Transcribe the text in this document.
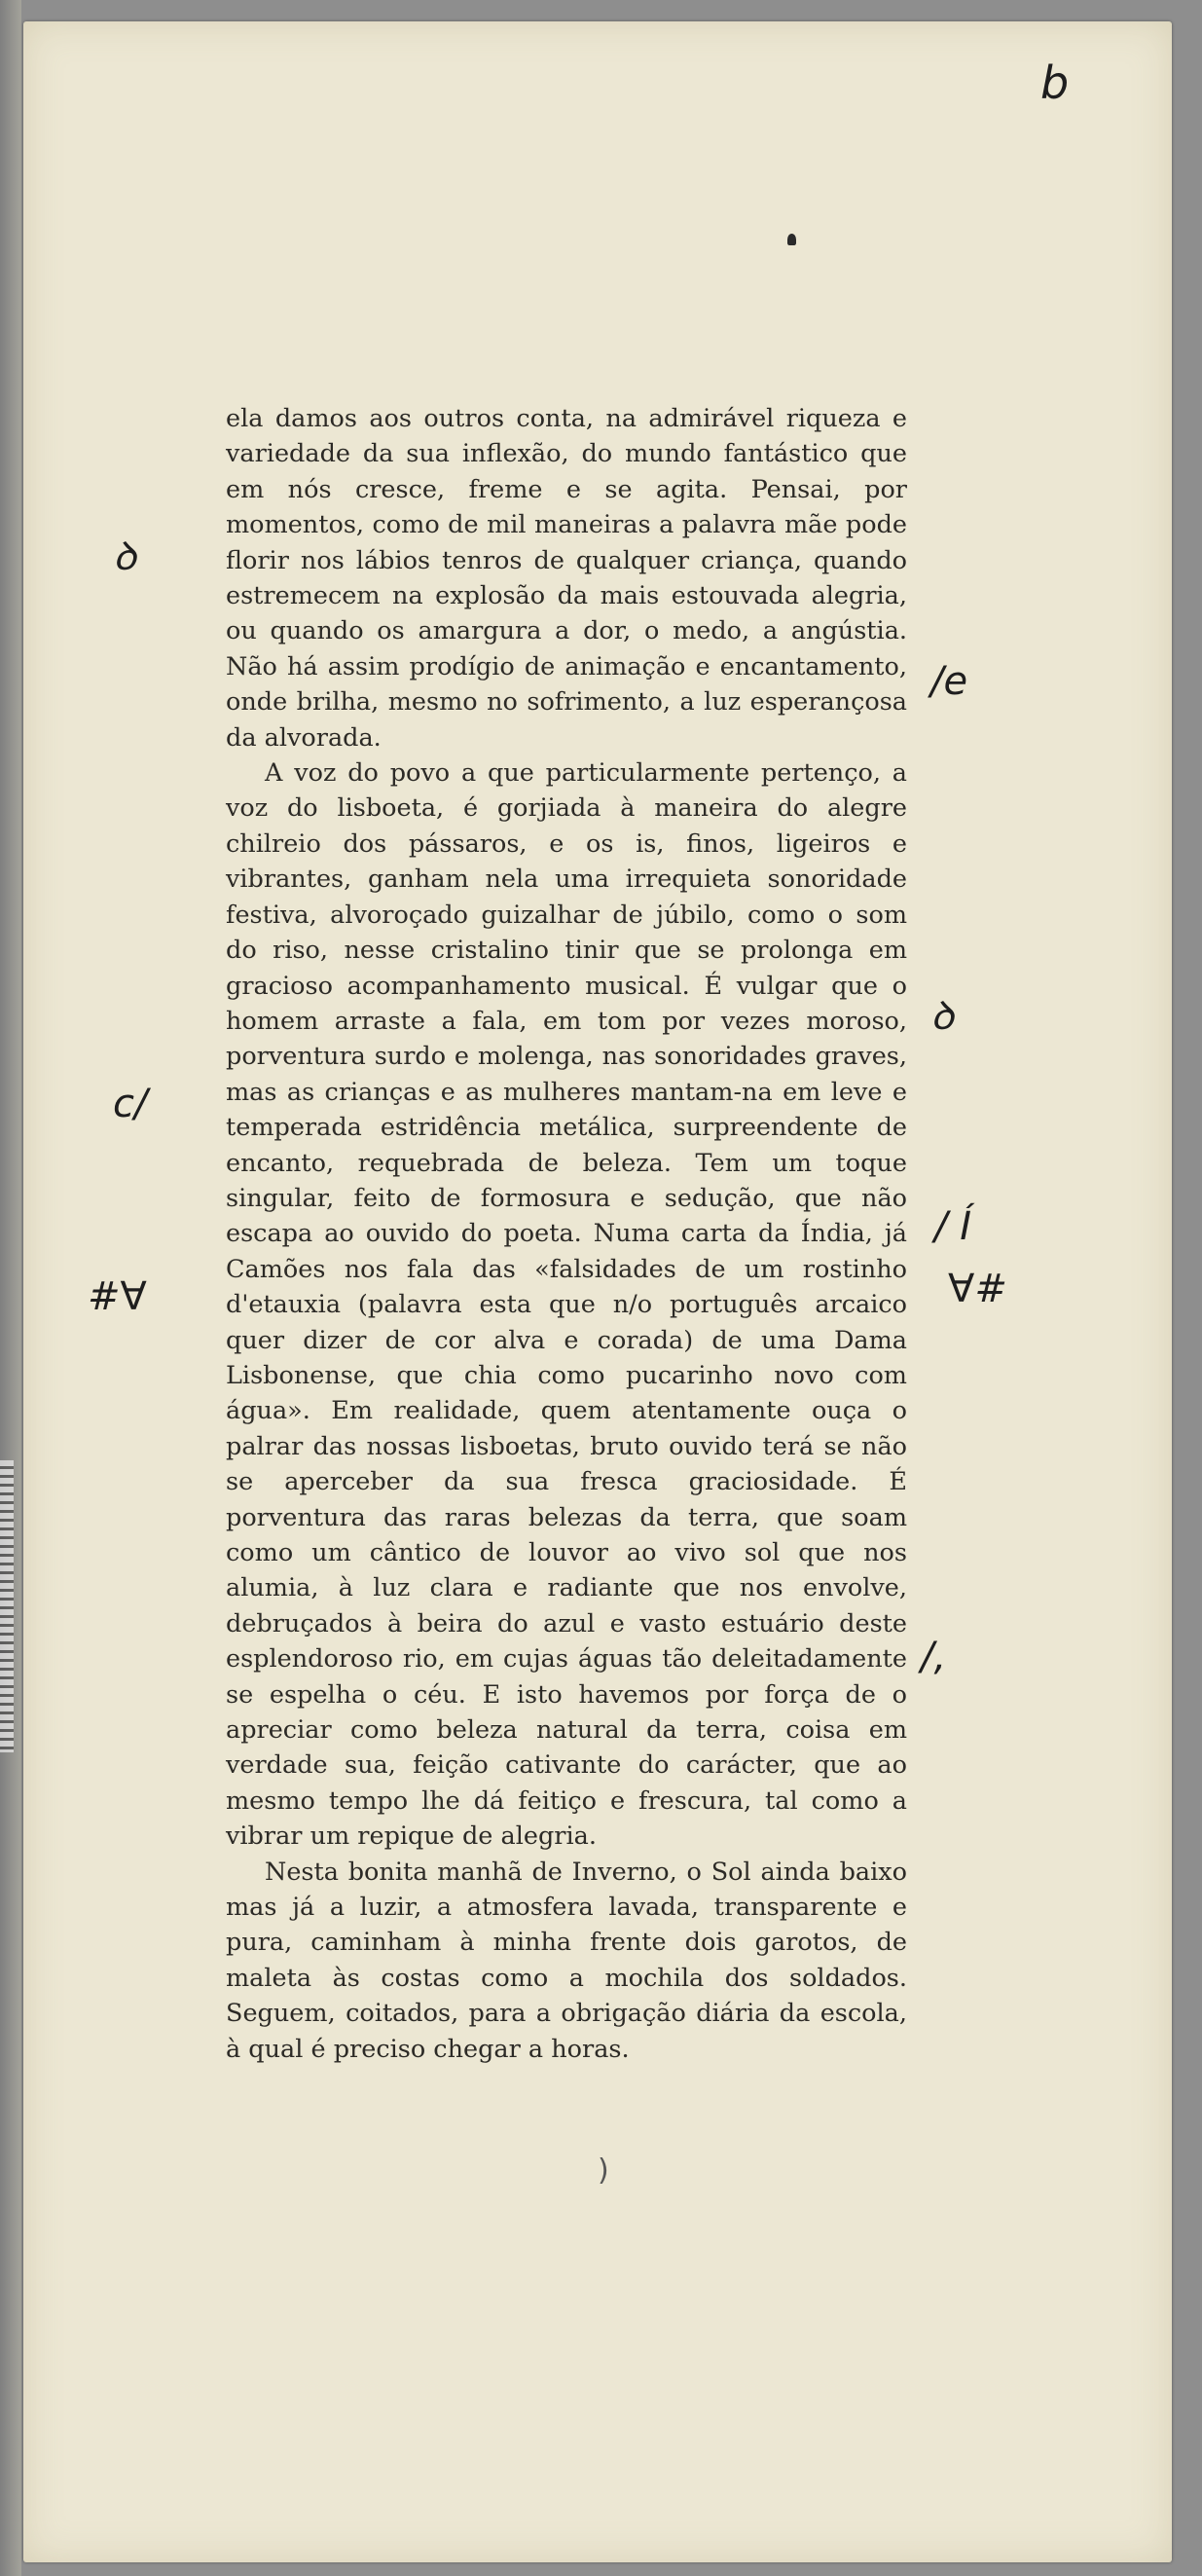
b
ꝺ
/e
ꝺ
c/
/ Í
#∀	∀#
/,

ela damos aos outros conta, na admirável riqueza e variedade da sua inflexão, do mundo fantástico que em nós cresce, freme e se agita. Pensai, por momentos, como de mil maneiras a palavra mãe pode florir nos lábios tenros de qualquer criança, quando estremecem na explosão da mais estouvada alegria, ou quando os amargura a dor, o medo, a angústia. Não há assim prodígio de animação e encantamento, onde brilha, mesmo no sofrimento, a luz esperançosa da alvorada.

A voz do povo a que particularmente pertenço, a voz do lisboeta, é gorjiada à maneira do alegre chilreio dos pássaros, e os is, finos, ligeiros e vibrantes, ganham nela uma irrequieta sonoridade festiva, alvoroçado guizalhar de júbilo, como o som do riso, nesse cristalino tinir que se prolonga em gracioso acompanhamento musical. É vulgar que o homem arraste a fala, em tom por vezes moroso, porventura surdo e molenga, nas sonoridades graves, mas as crianças e as mulheres mantam-na em leve e temperada estridência metálica, surpreendente de encanto, requebrada de beleza. Tem um toque singular, feito de formosura e sedução, que não escapa ao ouvido do poeta. Numa carta da Índia, já Camões nos fala das «falsidades de um rostinho d'etauxia (palavra esta que n/o português arcaico quer dizer de cor alva e corada) de uma Dama Lisbonense, que chia como pucarinho novo com água». Em realidade, quem atentamente ouça o palrar das nossas lisboetas, bruto ouvido terá se não se aperceber da sua fresca graciosidade. É porventura das raras belezas da terra, que soam como um cântico de louvor ao vivo sol que nos alumia, à luz clara e radiante que nos envolve, debruçados à beira do azul e vasto estuário deste esplendoroso rio, em cujas águas tão deleitadamente se espelha o céu. E isto havemos por força de o apreciar como beleza natural da terra, coisa em verdade sua, feição cativante do carácter, que ao mesmo tempo lhe dá feitiço e frescura, tal como a vibrar um repique de alegria.

Nesta bonita manhã de Inverno, o Sol ainda baixo mas já a luzir, a atmosfera lavada, transparente e pura, caminham à minha frente dois garotos, de maleta às costas como a mochila dos soldados. Seguem, coitados, para a obrigação diária da escola, à qual é preciso chegar a horas.

)
